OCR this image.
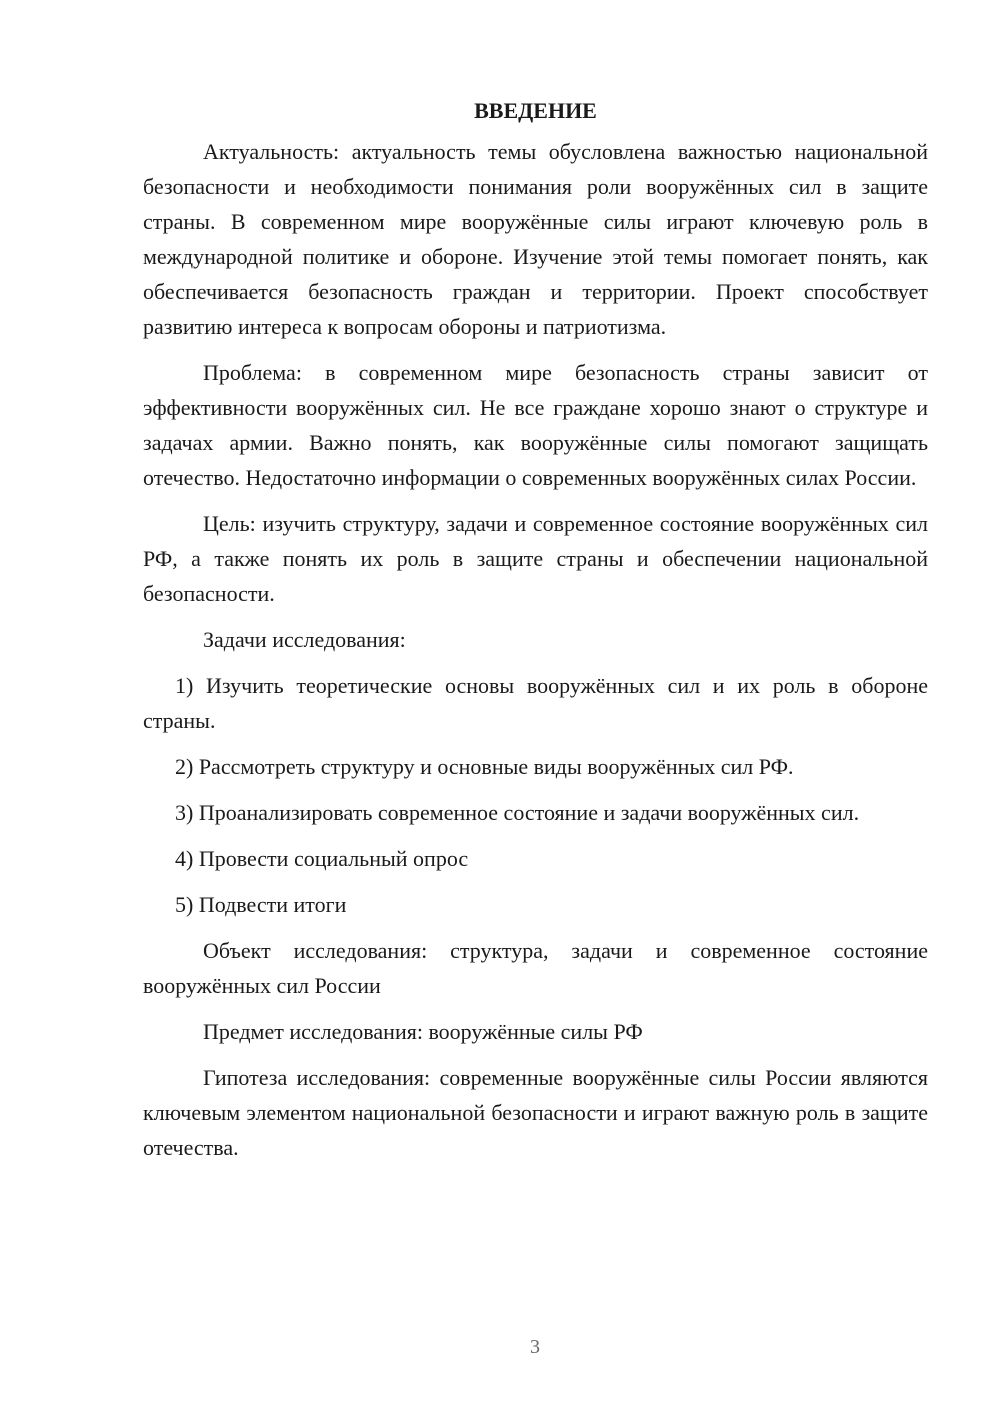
ВВЕДЕНИЕ

Актуальность: актуальность темы обусловлена важностью национальной безопасности и необходимости понимания роли вооружённых сил в защите страны. В современном мире вооружённые силы играют ключевую роль в международной политике и обороне. Изучение этой темы помогает понять, как обеспечивается безопасность граждан и территории. Проект способствует развитию интереса к вопросам обороны и патриотизма.

Проблема: в современном мире безопасность страны зависит от эффективности вооружённых сил. Не все граждане хорошо знают о структуре и задачах армии. Важно понять, как вооружённые силы помогают защищать отечество. Недостаточно информации о современных вооружённых силах России.

Цель: изучить структуру, задачи и современное состояние вооружённых сил РФ, а также понять их роль в защите страны и обеспечении национальной безопасности.

Задачи исследования:

1) Изучить теоретические основы вооружённых сил и их роль в обороне страны.

2) Рассмотреть структуру и основные виды вооружённых сил РФ.

3) Проанализировать современное состояние и задачи вооружённых сил.

4) Провести социальный опрос

5) Подвести итоги

Объект исследования: структура, задачи и современное состояние вооружённых сил России

Предмет исследования: вооружённые силы РФ

Гипотеза исследования: современные вооружённые силы России являются ключевым элементом национальной безопасности и играют важную роль в защите отечества.

3
